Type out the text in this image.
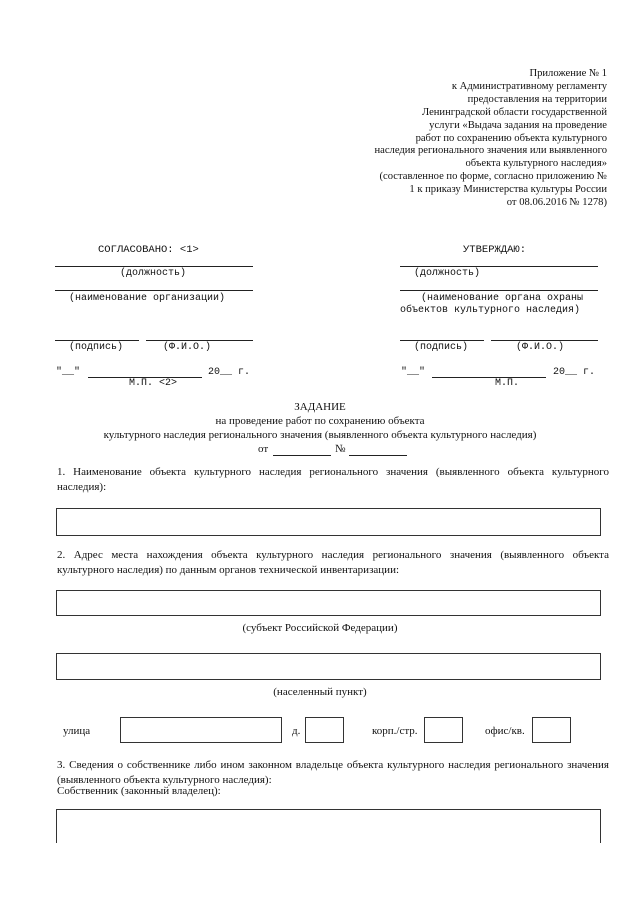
Приложение № 1
к Административному регламенту
предоставления на территории
Ленинградской области государственной
услуги «Выдача задания на проведение
работ по сохранению объекта культурного
наследия регионального значения или выявленного
объекта культурного наследия»
(составленное по форме, согласно приложению №
1 к приказу Министерства культуры России
от 08.06.2016 № 1278)
СОГЛАСОВАНО: <1>
(должность)
(наименование организации)
(подпись)	(Ф.И.О.)
"__"	20__ г.
М.П. <2>
УТВЕРЖДАЮ:
(должность)
(наименование органа охраны
объектов культурного наследия)
(подпись)	(Ф.И.О.)
"__"	20__ г.
М.П.
ЗАДАНИЕ
на проведение работ по сохранению объекта
культурного наследия регионального значения (выявленного объекта культурного наследия)
от	№
1. Наименование объекта культурного наследия регионального значения (выявленного объекта культурного наследия):
2. Адрес места нахождения объекта культурного наследия регионального значения (выявленного объекта культурного наследия) по данным органов технической инвентаризации:
(субъект Российской Федерации)
(населенный пункт)
улица	д.	корп./стр.	офис/кв.
3. Сведения о собственнике либо ином законном владельце объекта культурного наследия регионального значения (выявленного объекта культурного наследия):
Собственник (законный владелец):
